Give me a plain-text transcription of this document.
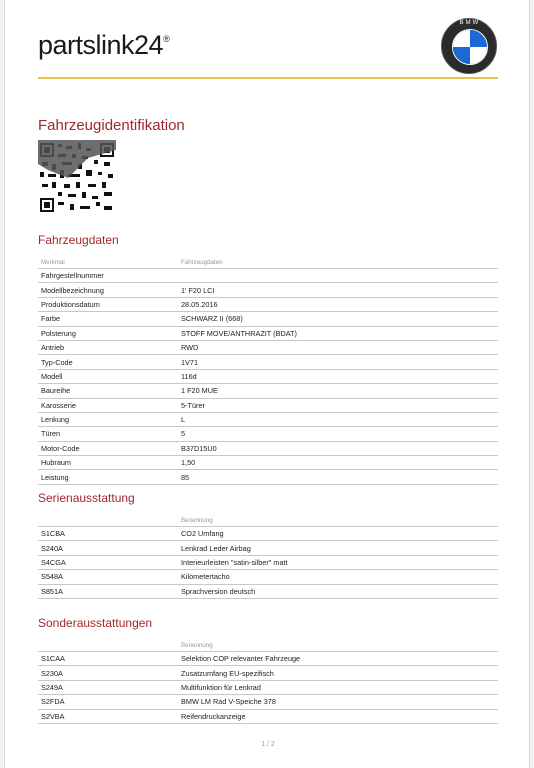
partslink24®
BMW
Fahrzeugidentifikation
Fahrzeugdaten
Merkmal	Fahrzeugdaten
Fahrgestellnummer	
Modellbezeichnung	1' F20 LCI
Produktionsdatum	28.05.2016
Farbe	SCHWARZ II (668)
Polsterung	STOFF MOVE/ANTHRAZIT (BDAT)
Antrieb	RWD
Typ-Code	1V71
Modell	116d
Baureihe	1 F20 MUE
Karosserie	5-Türer
Lenkung	L
Türen	5
Motor-Code	B37D15U0
Hubraum	1,50
Leistung	85
Serienausstattung
	Benennung
S1CBA	CO2 Umfang
S240A	Lenkrad Leder Airbag
S4CGA	Interieurleisten "satin-silber" matt
S548A	Kilometertacho
S851A	Sprachversion deutsch
Sonderausstattungen
	Benennung
S1CAA	Selektion COP relevanter Fahrzeuge
S230A	Zusatzumfang EU-spezifisch
S249A	Multifunktion für Lenkrad
S2FDA	BMW LM Rad V-Speiche 378
S2VBA	Reifendruckanzeige
1 / 2
